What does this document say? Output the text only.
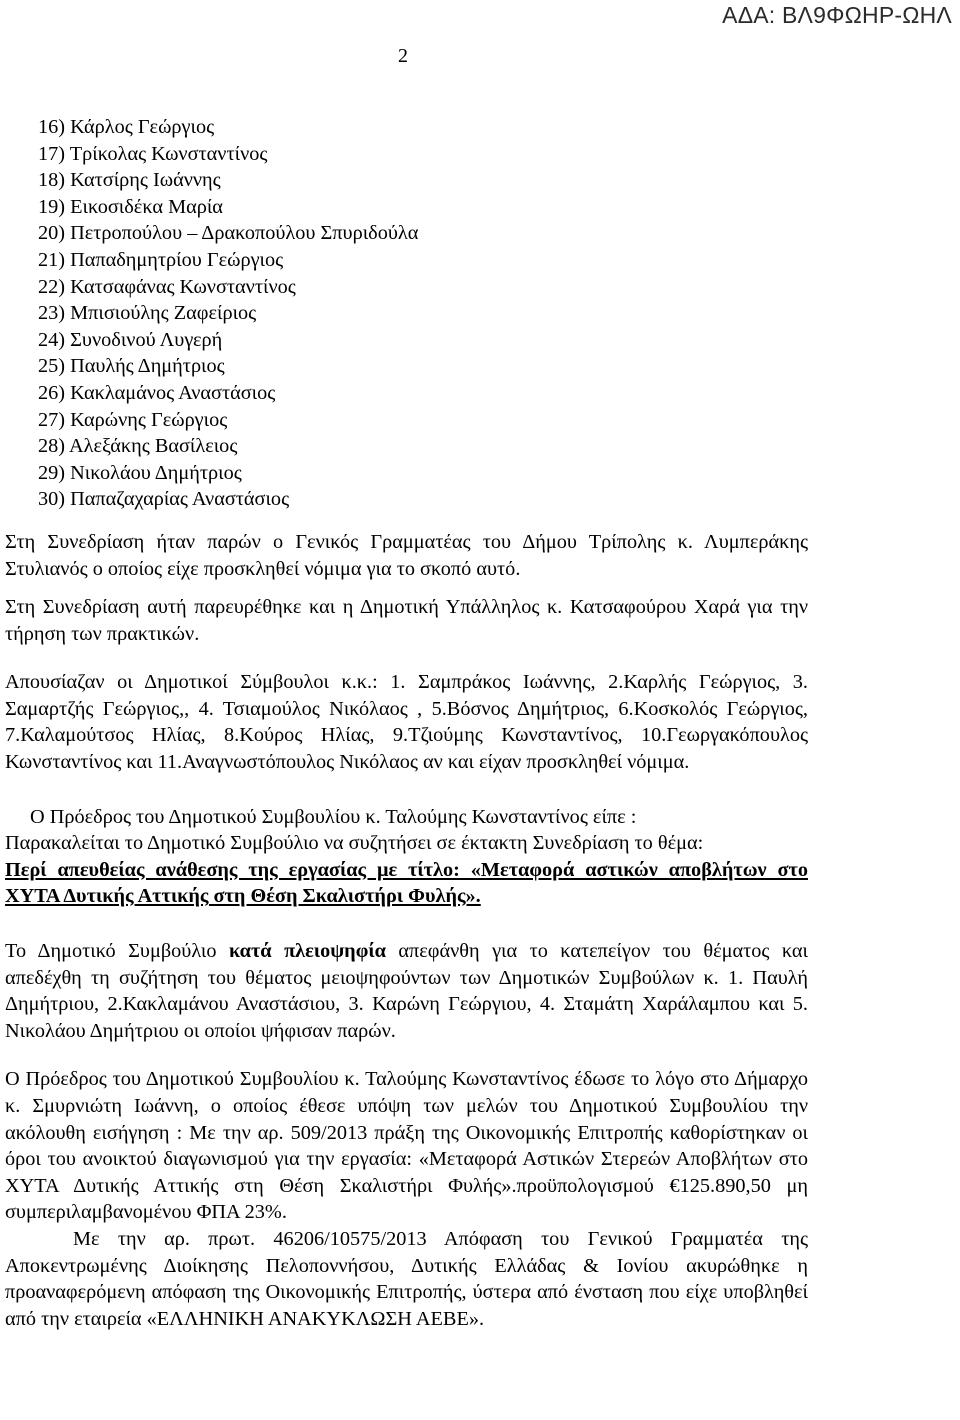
ΑΔΑ: ΒΛ9ΦΩΗΡ-ΩΗΛ
2
16) Κάρλος Γεώργιος
17) Τρίκολας Κωνσταντίνος
18) Κατσίρης Ιωάννης
19) Εικοσιδέκα Μαρία
20) Πετροπούλου – Δρακοπούλου Σπυριδούλα
21) Παπαδημητρίου Γεώργιος
22) Κατσαφάνας Κωνσταντίνος
23) Μπισιούλης Ζαφείριος
24) Συνοδινού Λυγερή
25) Παυλής Δημήτριος
26) Κακλαμάνος Αναστάσιος
27) Καρώνης Γεώργιος
28) Αλεξάκης Βασίλειος
29) Νικολάου Δημήτριος
30) Παπαζαχαρίας Αναστάσιος

Στη Συνεδρίαση ήταν παρών ο Γενικός Γραμματέας του Δήμου Τρίπολης κ. Λυμπεράκης Στυλιανός ο οποίος είχε προσκληθεί νόμιμα για το σκοπό αυτό.

Στη Συνεδρίαση αυτή παρευρέθηκε και η Δημοτική Υπάλληλος κ. Κατσαφούρου Χαρά για την τήρηση των πρακτικών.

Απουσίαζαν οι Δημοτικοί Σύμβουλοι κ.κ.: 1. Σαμπράκος Ιωάννης, 2.Καρλής Γεώργιος, 3. Σαμαρτζής Γεώργιος,, 4. Τσιαμούλος Νικόλαος , 5.Βόσνος Δημήτριος, 6.Κοσκολός Γεώργιος, 7.Καλαμούτσος Ηλίας, 8.Κούρος Ηλίας, 9.Τζιούμης Κωνσταντίνος, 10.Γεωργακόπουλος Κωνσταντίνος και 11.Αναγνωστόπουλος Νικόλαος αν και είχαν προσκληθεί νόμιμα.

Ο Πρόεδρος του Δημοτικού Συμβουλίου κ. Ταλούμης Κωνσταντίνος είπε :

Παρακαλείται το Δημοτικό Συμβούλιο να συζητήσει σε έκτακτη Συνεδρίαση το θέμα:

Περί απευθείας ανάθεσης της εργασίας με τίτλο: «Μεταφορά αστικών αποβλήτων στο ΧΥΤΑ Δυτικής Αττικής στη Θέση Σκαλιστήρι Φυλής».

Το Δημοτικό Συμβούλιο κατά πλειοψηφία απεφάνθη για το κατεπείγον του θέματος και απεδέχθη τη συζήτηση του θέματος μειοψηφούντων των Δημοτικών Συμβούλων κ. 1. Παυλή Δημήτριου, 2.Κακλαμάνου Αναστάσιου, 3. Καρώνη Γεώργιου, 4. Σταμάτη Χαράλαμπου και 5. Νικολάου Δημήτριου οι οποίοι ψήφισαν παρών.

Ο Πρόεδρος του Δημοτικού Συμβουλίου κ. Ταλούμης Κωνσταντίνος έδωσε το λόγο στο Δήμαρχο κ. Σμυρνιώτη Ιωάννη, ο οποίος έθεσε υπόψη των μελών του Δημοτικού Συμβουλίου την ακόλουθη εισήγηση : Με την αρ. 509/2013 πράξη της Οικονομικής Επιτροπής καθορίστηκαν οι όροι του ανοικτού διαγωνισμού για την εργασία: «Μεταφορά Αστικών Στερεών Αποβλήτων στο ΧΥΤΑ Δυτικής Αττικής στη Θέση Σκαλιστήρι Φυλής».προϋπολογισμού €125.890,50 μη συμπεριλαμβανομένου ΦΠΑ 23%.

Με την αρ. πρωτ. 46206/10575/2013 Απόφαση του Γενικού Γραμματέα της Αποκεντρωμένης Διοίκησης Πελοποννήσου, Δυτικής Ελλάδας & Ιονίου ακυρώθηκε η προαναφερόμενη απόφαση της Οικονομικής Επιτροπής, ύστερα από ένσταση που είχε υποβληθεί από την εταιρεία «ΕΛΛΗΝΙΚΗ ΑΝΑΚΥΚΛΩΣΗ ΑΕΒΕ».
